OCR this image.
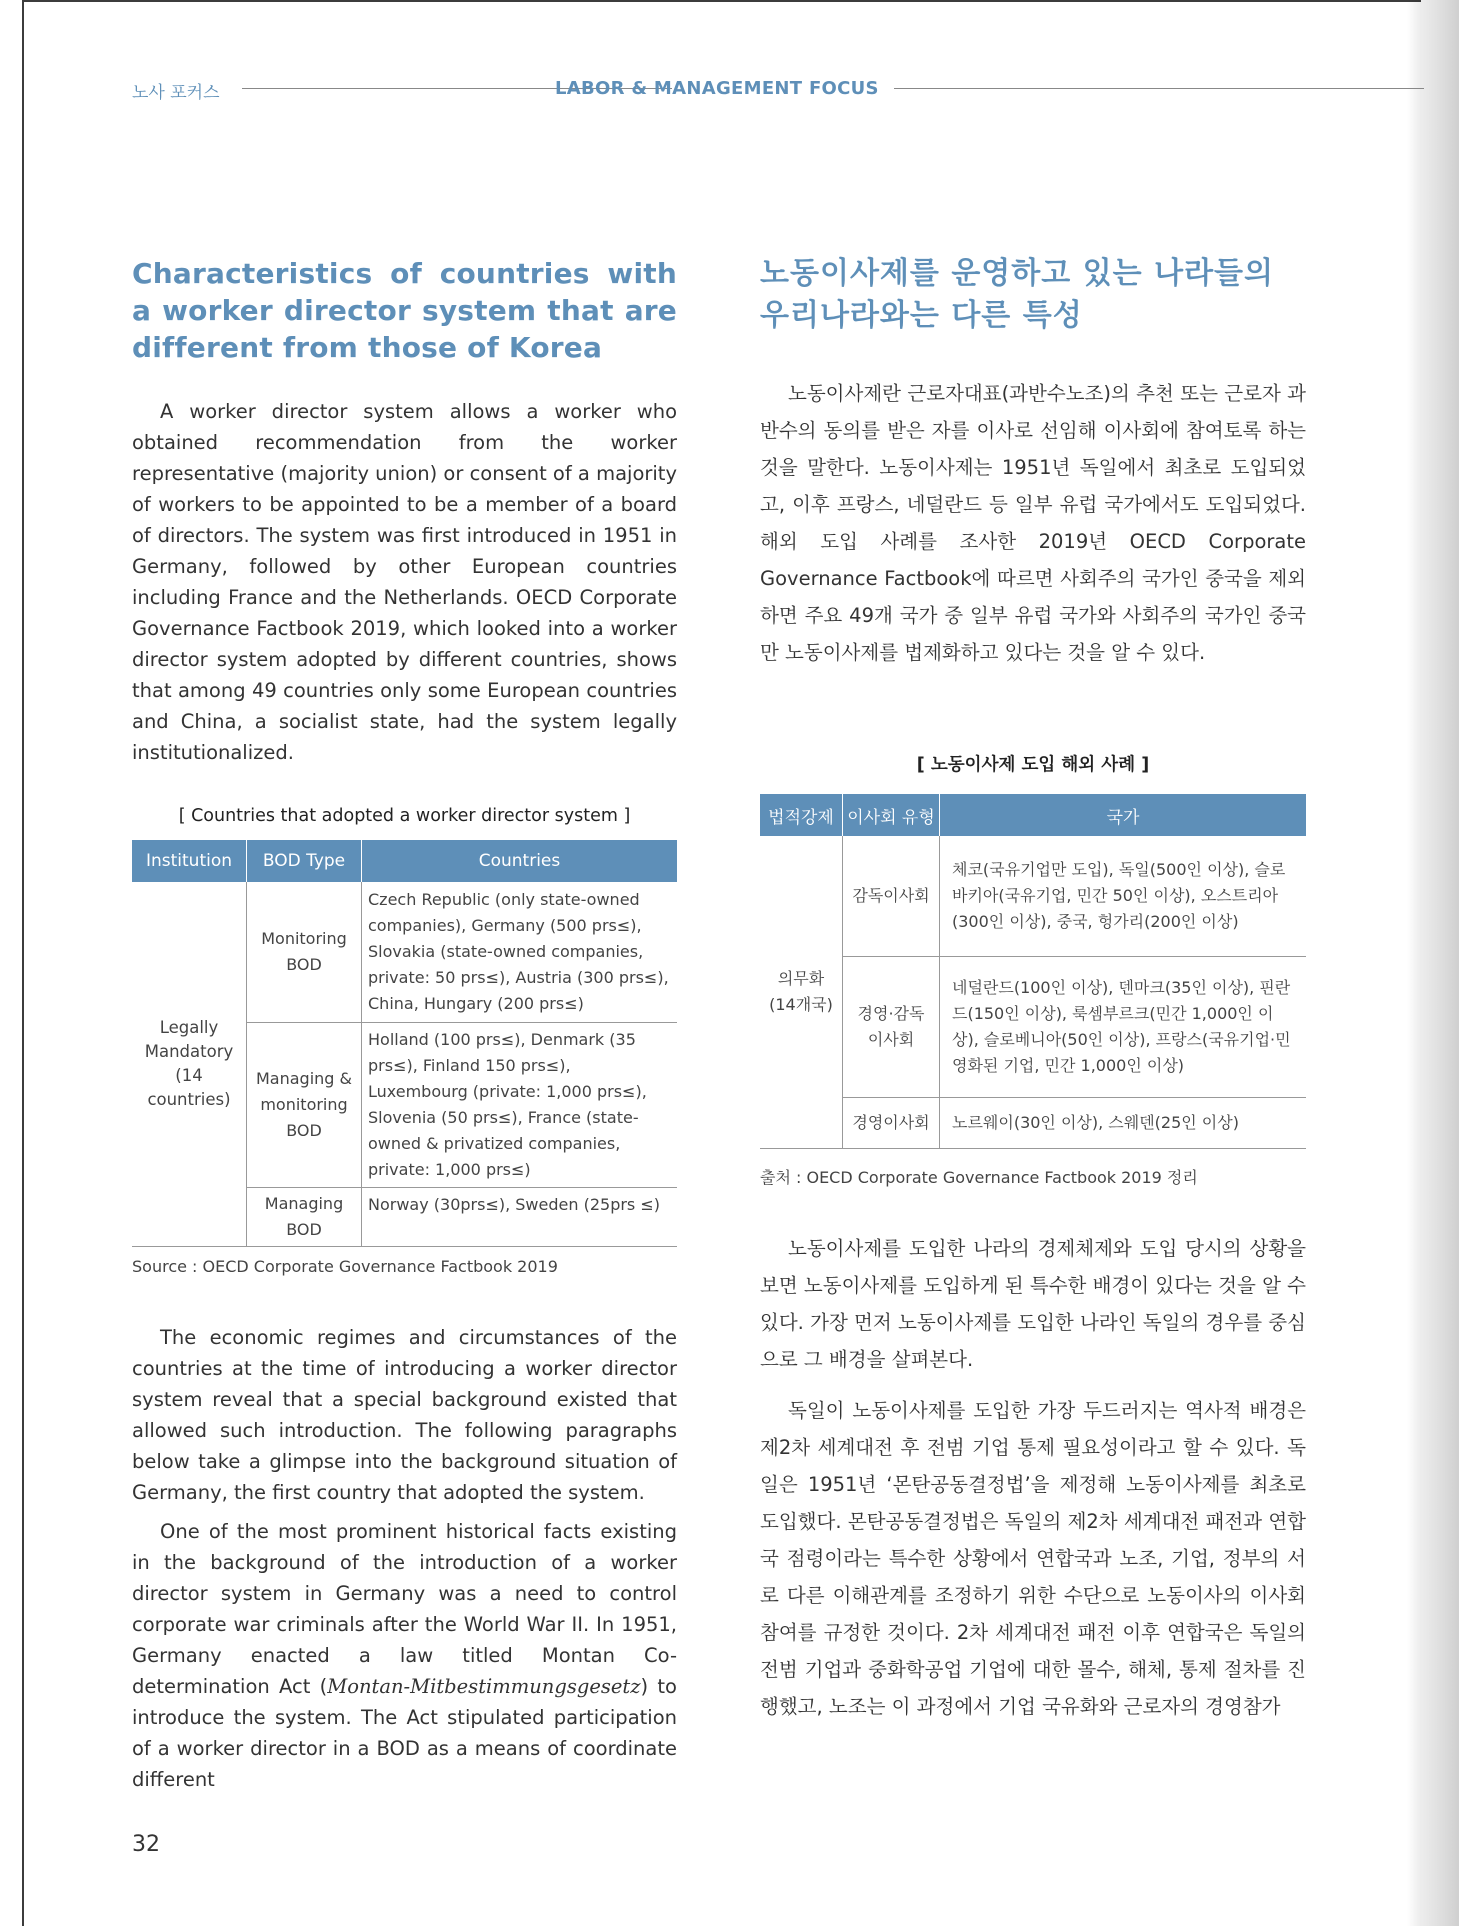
노사 포커스	LABOR & MANAGEMENT FOCUS
Characteristics of countries with a worker director system that are different from those of Korea

A worker director system allows a worker who obtained recommendation from the worker representative (majority union) or consent of a majority of workers to be appointed to be a member of a board of directors. The system was first introduced in 1951 in Germany, followed by other European countries including France and the Netherlands. OECD Corporate Governance Factbook 2019, which looked into a worker director system adopted by different countries, shows that among 49 countries only some European countries and China, a socialist state, had the system legally institutionalized.

[ Countries that adopted a worker director system ]
Institution	BOD Type	Countries
Legally Mandatory (14 countries)	Monitoring BOD	Czech Republic (only state-owned companies), Germany (500 prs≤), Slovakia (state-owned companies, private: 50 prs≤), Austria (300 prs≤), China, Hungary (200 prs≤)
	Managing & monitoring BOD	Holland (100 prs≤), Denmark (35 prs≤), Finland 150 prs≤), Luxembourg (private: 1,000 prs≤), Slovenia (50 prs≤), France (state-owned & privatized companies, private: 1,000 prs≤)
	Managing BOD	Norway (30prs≤), Sweden (25prs ≤)
Source : OECD Corporate Governance Factbook 2019

The economic regimes and circumstances of the countries at the time of introducing a worker director system reveal that a special background existed that allowed such introduction. The following paragraphs below take a glimpse into the background situation of Germany, the first country that adopted the system.

One of the most prominent historical facts existing in the background of the introduction of a worker director system in Germany was a need to control corporate war criminals after the World War II. In 1951, Germany enacted a law titled Montan Co-determination Act (Montan-Mitbestimmungsgesetz) to introduce the system. The Act stipulated participation of a worker director in a BOD as a means of coordinate different

노동이사제를 운영하고 있는 나라들의 우리나라와는 다른 특성

노동이사제란 근로자대표(과반수노조)의 추천 또는 근로자 과반수의 동의를 받은 자를 이사로 선임해 이사회에 참여토록 하는 것을 말한다. 노동이사제는 1951년 독일에서 최초로 도입되었고, 이후 프랑스, 네덜란드 등 일부 유럽 국가에서도 도입되었다. 해외 도입 사례를 조사한 2019년 OECD Corporate Governance Factbook에 따르면 사회주의 국가인 중국을 제외하면 주요 49개 국가 중 일부 유럽 국가와 사회주의 국가인 중국만 노동이사제를 법제화하고 있다는 것을 알 수 있다.

[ 노동이사제 도입 해외 사례 ]
법적강제	이사회 유형	국가
의무화 (14개국)	감독이사회	체코(국유기업만 도입), 독일(500인 이상), 슬로바키아(국유기업, 민간 50인 이상), 오스트리아(300인 이상), 중국, 헝가리(200인 이상)
	경영·감독 이사회	네덜란드(100인 이상), 덴마크(35인 이상), 핀란드(150인 이상), 룩셈부르크(민간 1,000인 이상), 슬로베니아(50인 이상), 프랑스(국유기업·민영화된 기업, 민간 1,000인 이상)
	경영이사회	노르웨이(30인 이상), 스웨덴(25인 이상)
출처 : OECD Corporate Governance Factbook 2019 정리

노동이사제를 도입한 나라의 경제체제와 도입 당시의 상황을 보면 노동이사제를 도입하게 된 특수한 배경이 있다는 것을 알 수 있다. 가장 먼저 노동이사제를 도입한 나라인 독일의 경우를 중심으로 그 배경을 살펴본다.

독일이 노동이사제를 도입한 가장 두드러지는 역사적 배경은 제2차 세계대전 후 전범 기업 통제 필요성이라고 할 수 있다. 독일은 1951년 ‘몬탄공동결정법’을 제정해 노동이사제를 최초로 도입했다. 몬탄공동결정법은 독일의 제2차 세계대전 패전과 연합국 점령이라는 특수한 상황에서 연합국과 노조, 기업, 정부의 서로 다른 이해관계를 조정하기 위한 수단으로 노동이사의 이사회 참여를 규정한 것이다. 2차 세계대전 패전 이후 연합국은 독일의 전범 기업과 중화학공업 기업에 대한 몰수, 해체, 통제 절차를 진행했고, 노조는 이 과정에서 기업 국유화와 근로자의 경영참가

32
